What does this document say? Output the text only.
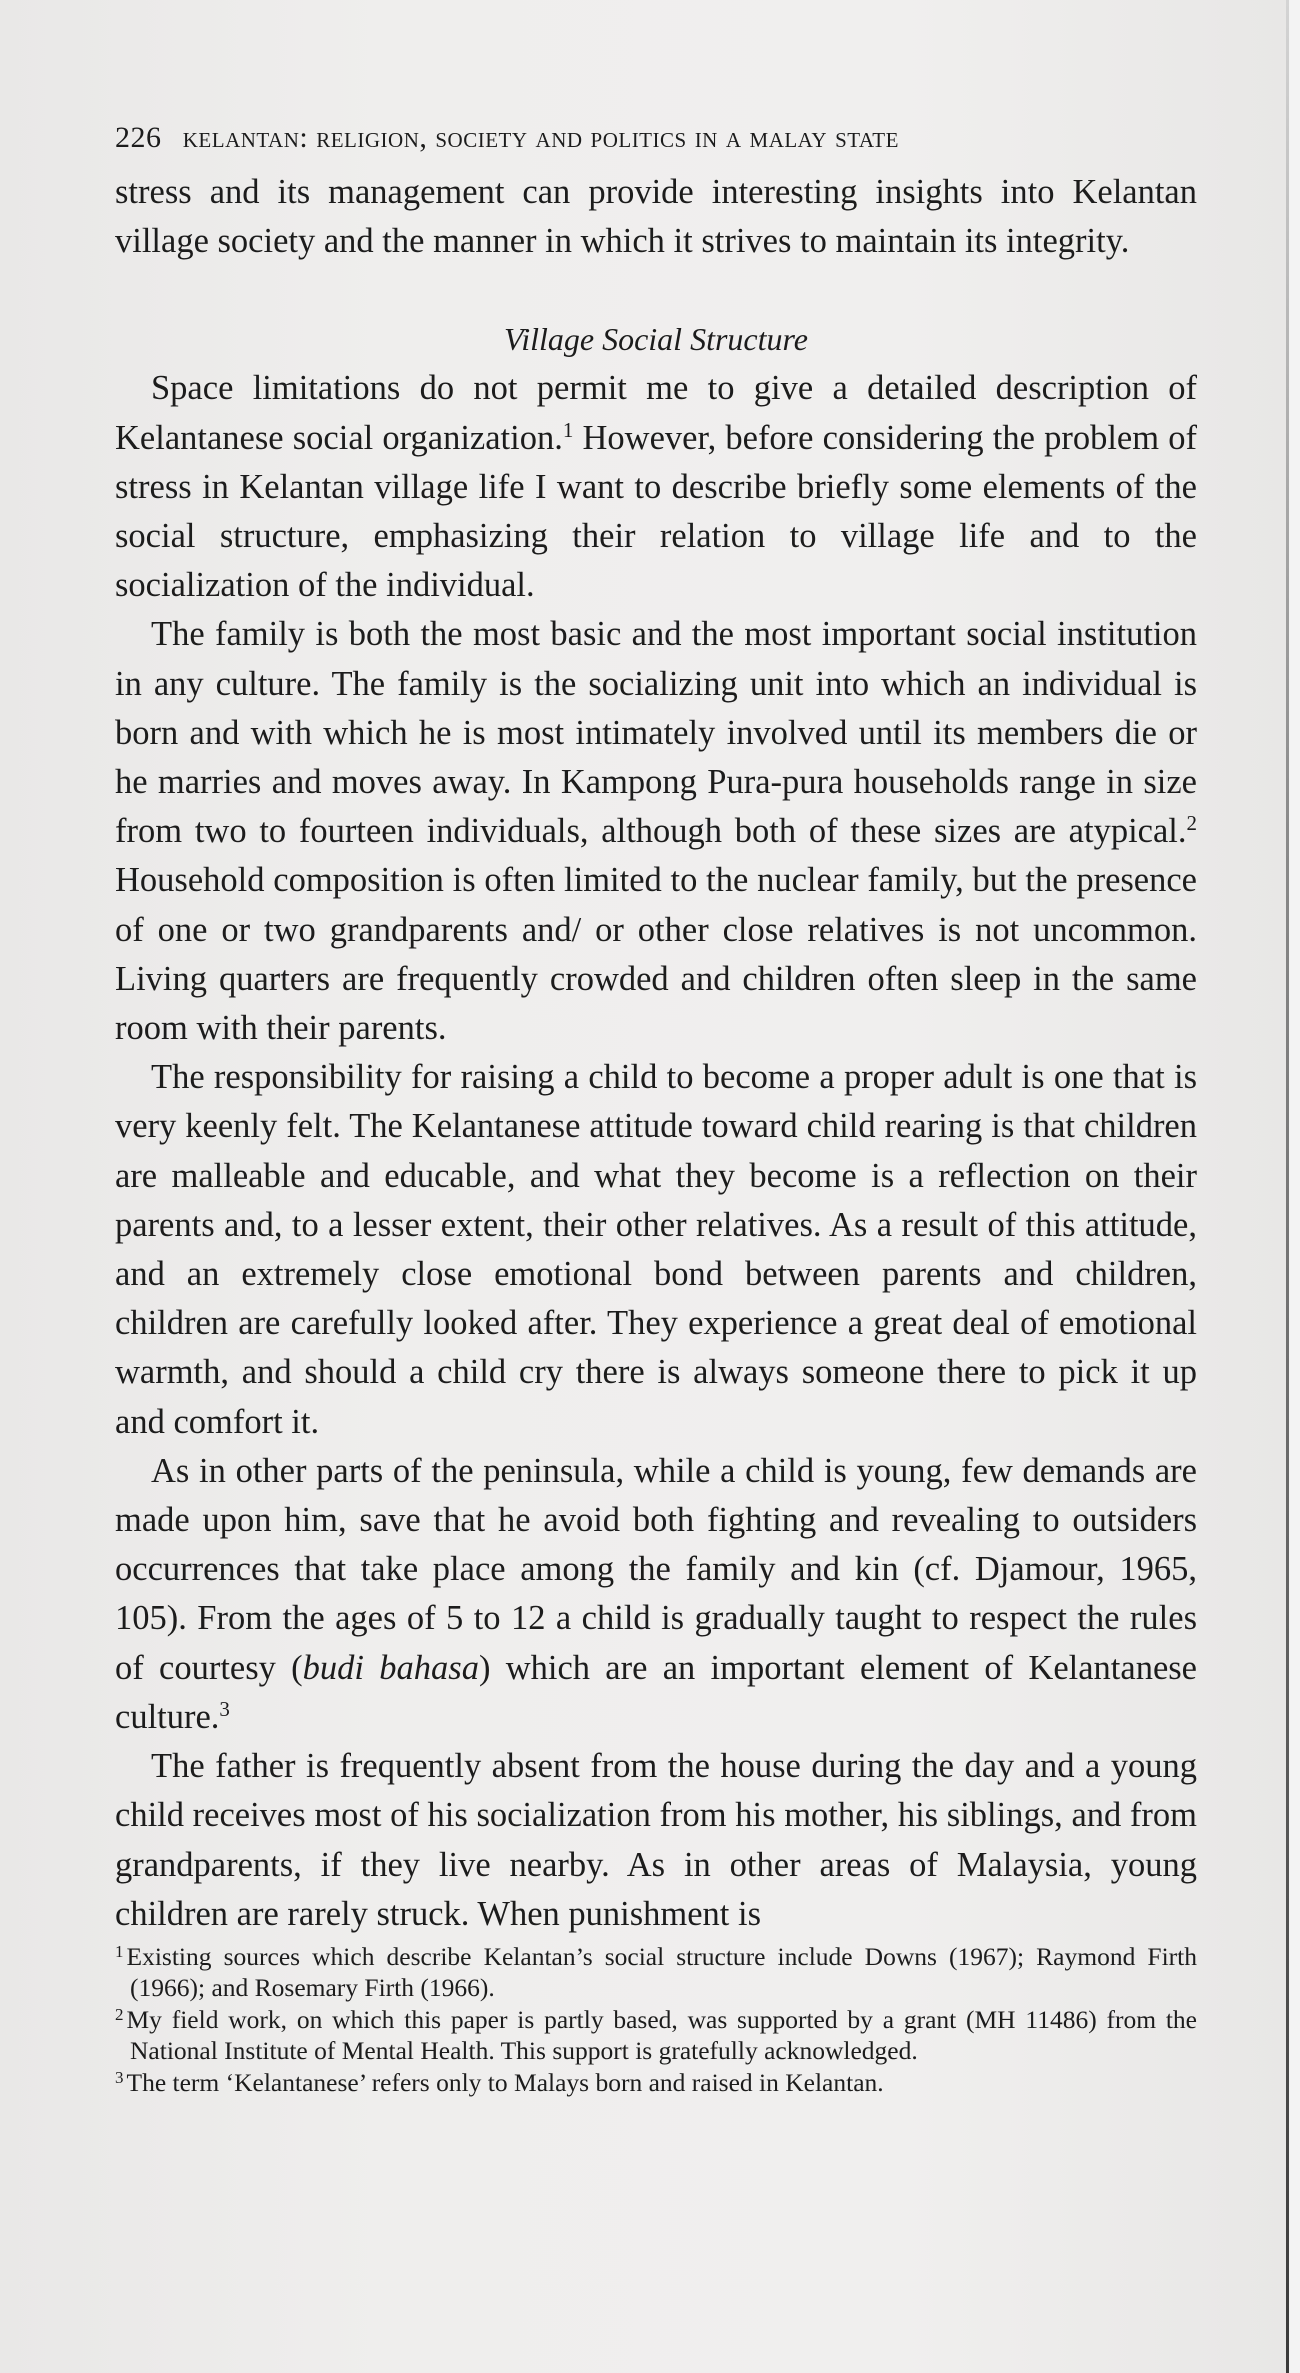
226 kelantan: religion, society and politics in a malay state

stress and its management can provide interesting insights into Kelantan village society and the manner in which it strives to maintain its integrity.

Village Social Structure

Space limitations do not permit me to give a detailed description of Kelantanese social organization.$^1$ However, before considering the problem of stress in Kelantan village life I want to describe briefly some elements of the social structure, emphasizing their relation to village life and to the socialization of the individual.

The family is both the most basic and the most important social institution in any culture. The family is the socializing unit into which an individual is born and with which he is most intimately involved until its members die or he marries and moves away. In Kampong Pura-pura households range in size from two to fourteen individuals, although both of these sizes are atypical.$^2$ Household composition is often limited to the nuclear family, but the presence of one or two grandparents and/ or other close relatives is not uncommon. Living quarters are frequently crowded and children often sleep in the same room with their parents.

The responsibility for raising a child to become a proper adult is one that is very keenly felt. The Kelantanese attitude toward child rearing is that children are malleable and educable, and what they become is a reflection on their parents and, to a lesser extent, their other relatives. As a result of this attitude, and an extremely close emotional bond between parents and children, children are carefully looked after. They experience a great deal of emotional warmth, and should a child cry there is always someone there to pick it up and comfort it.

As in other parts of the peninsula, while a child is young, few demands are made upon him, save that he avoid both fighting and revealing to outsiders occurrences that take place among the family and kin (cf. Djamour, 1965, 105). From the ages of 5 to 12 a child is gradually taught to respect the rules of courtesy (budi bahasa) which are an important element of Kelantanese culture.$^3$

The father is frequently absent from the house during the day and a young child receives most of his socialization from his mother, his siblings, and from grandparents, if they live nearby. As in other areas of Malaysia, young children are rarely struck. When punishment is

$^1$ Existing sources which describe Kelantan’s social structure include Downs (1967); Raymond Firth (1966); and Rosemary Firth (1966).

$^2$ My field work, on which this paper is partly based, was supported by a grant (MH 11486) from the National Institute of Mental Health. This support is gratefully acknowledged.

$^3$ The term ‘Kelantanese’ refers only to Malays born and raised in Kelantan.
